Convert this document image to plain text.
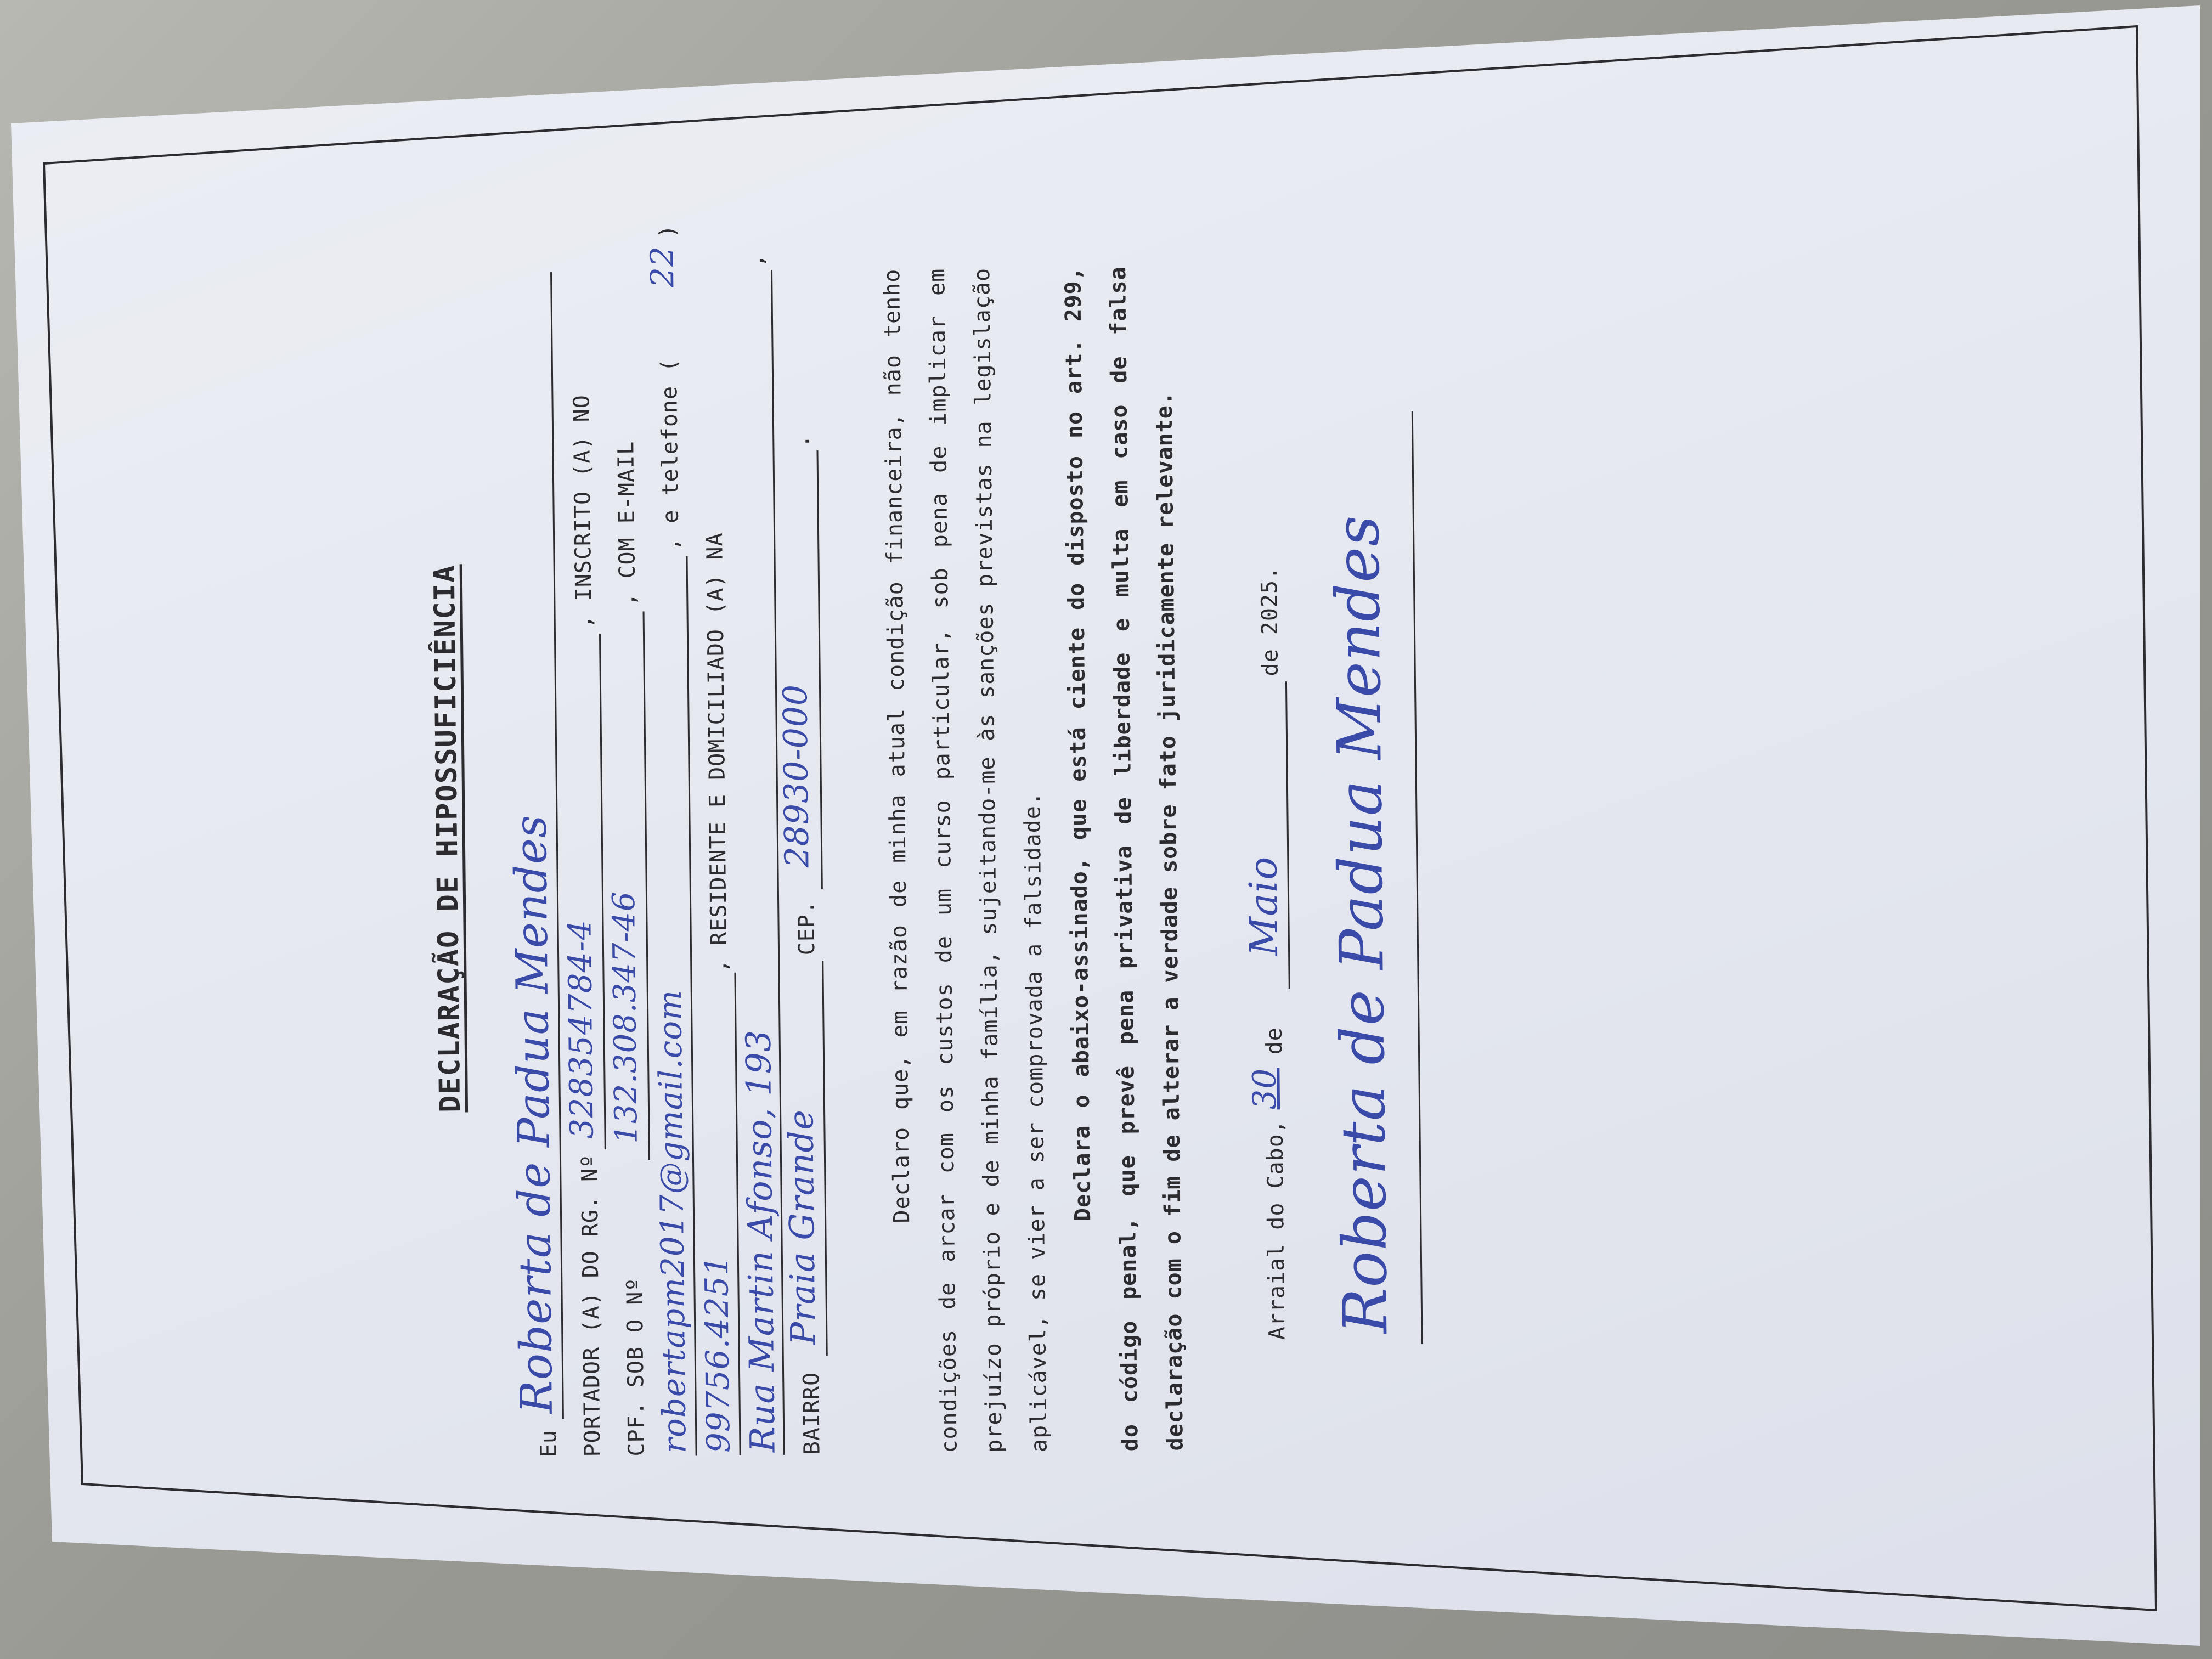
DECLARAÇÃO DE HIPOSSUFICIÊNCIA
Eu
Roberta de Padua Mendes PORTADOR (A) DO RG. Nº
328354784-4
, INSCRITO (A) NO
CPF. SOB O Nº
132.308.347-46
, COM E-MAIL
robertapm2017@gmail.com
, e telefone (
22
)
99756.4251
, RESIDENTE E DOMICILIADO (A) NA
Rua Martin Afonso, 193
,
BAIRRO
Praia Grande
CEP.
28930-000
.	Declaro que, em razão de minha atual condição financeira, não tenho condições de arcar com os custos de um curso particular, sob pena de implicar em prejuízo próprio e de minha família, sujeitando-me às sanções previstas na legislação aplicável, se vier a ser comprovada a falsidade. Declara o abaixo-assinado, que está ciente do disposto no art. 299, do código penal, que prevê pena privativa de liberdade e multa em caso de falsa declaração com o fim de alterar a verdade sobre fato juridicamente relevante.	Arraial do Cabo,
30
de
Maio
de 2025. Roberta de Padua Mendes
